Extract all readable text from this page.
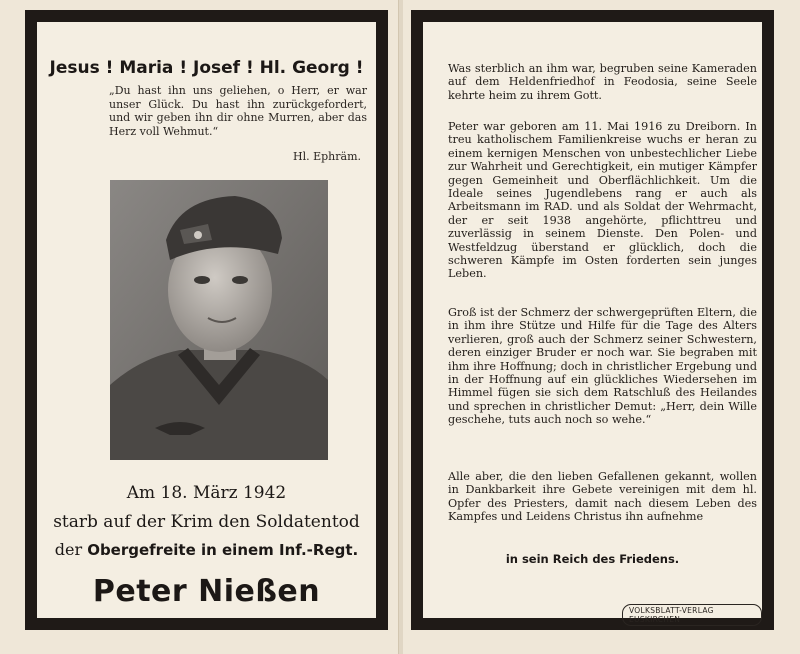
Jesus ! Maria ! Josef ! Hl. Georg !

„Du hast ihn uns geliehen, o Herr, er war unser Glück. Du hast ihn zurückgefordert, und wir geben ihn dir ohne Murren, aber das Herz voll Wehmut.“
Hl. Ephräm.
Am 18. März 1942
starb auf der Krim den Soldatentod
der Obergefreite in einem Inf.-Regt.
Peter Nießen

Was sterblich an ihm war, begruben seine Kameraden auf dem Heldenfriedhof in Feodosia, seine Seele kehrte heim zu ihrem Gott.

Peter war geboren am 11. Mai 1916 zu Dreiborn. In treu katholischem Familienkreise wuchs er heran zu einem kernigen Menschen von unbestechlicher Liebe zur Wahrheit und Gerechtigkeit, ein mutiger Kämpfer gegen Gemeinheit und Oberflächlichkeit. Um die Ideale seines Jugendlebens rang er auch als Arbeitsmann im RAD. und als Soldat der Wehrmacht, der er seit 1938 angehörte, pflichttreu und zuverlässig in seinem Dienste. Den Polen- und Westfeldzug überstand er glücklich, doch die schweren Kämpfe im Osten forderten sein junges Leben.

Groß ist der Schmerz der schwergeprüften Eltern, die in ihm ihre Stütze und Hilfe für die Tage des Alters verlieren, groß auch der Schmerz seiner Schwestern, deren einziger Bruder er noch war. Sie begraben mit ihm ihre Hoffnung; doch in christlicher Ergebung und in der Hoffnung auf ein glückliches Wiedersehen im Himmel fügen sie sich dem Ratschluß des Heilandes und sprechen in christlicher Demut: „Herr, dein Wille geschehe, tuts auch noch so wehe.“

Alle aber, die den lieben Gefallenen gekannt, wollen in Dankbarkeit ihre Gebete vereinigen mit dem hl. Opfer des Priesters, damit nach diesem Leben des Kampfes und Leidens Christus ihn aufnehme

in sein Reich des Friedens.
VOLKSBLATT-VERLAG EUSKIRCHEN
